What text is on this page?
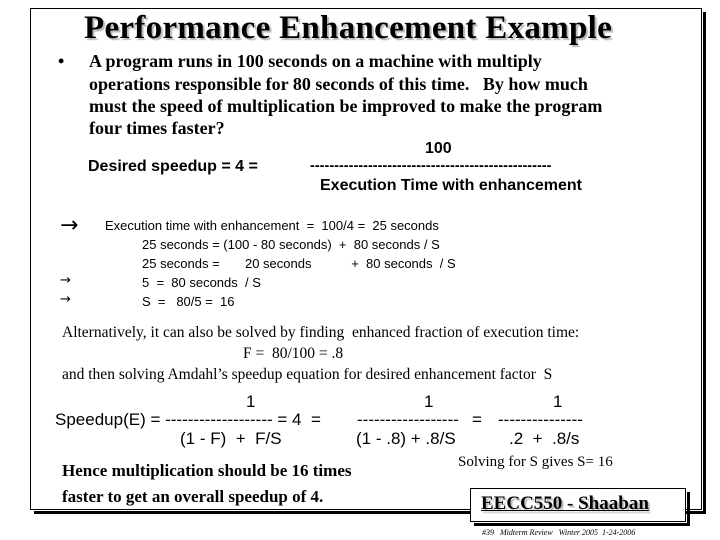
Performance Enhancement Example
• A program runs in 100 seconds on a machine with multiply
operations responsible for 80 seconds of this time.   By how much
must the speed of multiplication be improved to make the program
four times faster?
100
Desired speedup = 4 =	--------------------------------------------------
Execution Time with enhancement
→ Execution time with enhancement  =  100/4 =  25 seconds
25 seconds = (100 - 80 seconds)  +  80 seconds / S
25 seconds =       20 seconds           +  80 seconds  / S
→	5  =  80 seconds  / S
→	S  =   80/5 =  16
Alternatively, it can also be solved by finding  enhanced fraction of execution time:
F =  80/100 = .8
and then solving Amdahl’s speedup equation for desired enhancement factor  S
1	1	1
Speedup(E) = ------------------- = 4  = ------------------ = ---------------
(1 - F)  +  F/S	(1 - .8) + .8/S	.2  +  .8/s
Hence multiplication should be 16 times
faster to get an overall speedup of 4.
Solving for S gives S= 16
EECC550 - Shaaban
#39   Midterm Review   Winter 2005  1-24-2006
